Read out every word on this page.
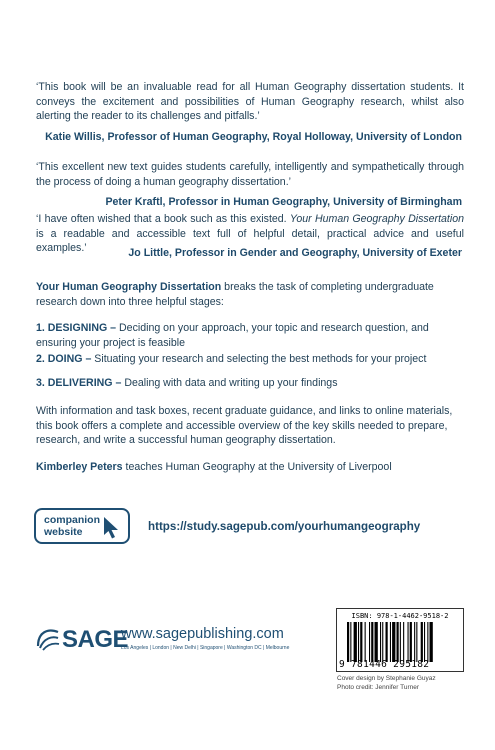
‘This book will be an invaluable read for all Human Geography dissertation students. It conveys the excitement and possibilities of Human Geography research, whilst also alerting the reader to its challenges and pitfalls.’
Katie Willis, Professor of Human Geography, Royal Holloway, University of London
‘This excellent new text guides students carefully, intelligently and sympathetically through the process of doing a human geography dissertation.’
Peter Kraftl, Professor in Human Geography, University of Birmingham
‘I have often wished that a book such as this existed. Your Human Geography Dissertation is a readable and accessible text full of helpful detail, practical advice and useful examples.’	Jo Little, Professor in Gender and Geography, University of Exeter
Your Human Geography Dissertation breaks the task of completing undergraduate research down into three helpful stages:
1. DESIGNING – Deciding on your approach, your topic and research question, and ensuring your project is feasible
2. DOING – Situating your research and selecting the best methods for your project
3. DELIVERING – Dealing with data and writing up your findings
With information and task boxes, recent graduate guidance, and links to online materials, this book offers a complete and accessible overview of the key skills needed to prepare, research, and write a successful human geography dissertation.
Kimberley Peters teaches Human Geography at the University of Liverpool
companion
website	https://study.sagepub.com/yourhumangeography
SAGE
www.sagepublishing.com
Los Angeles | London | New Delhi | Singapore | Washington DC | Melbourne
ISBN: 978-1-4462-9518-2
9 781446 295182
Cover design by Stephanie Guyaz
Photo credit: Jennifer Turner
